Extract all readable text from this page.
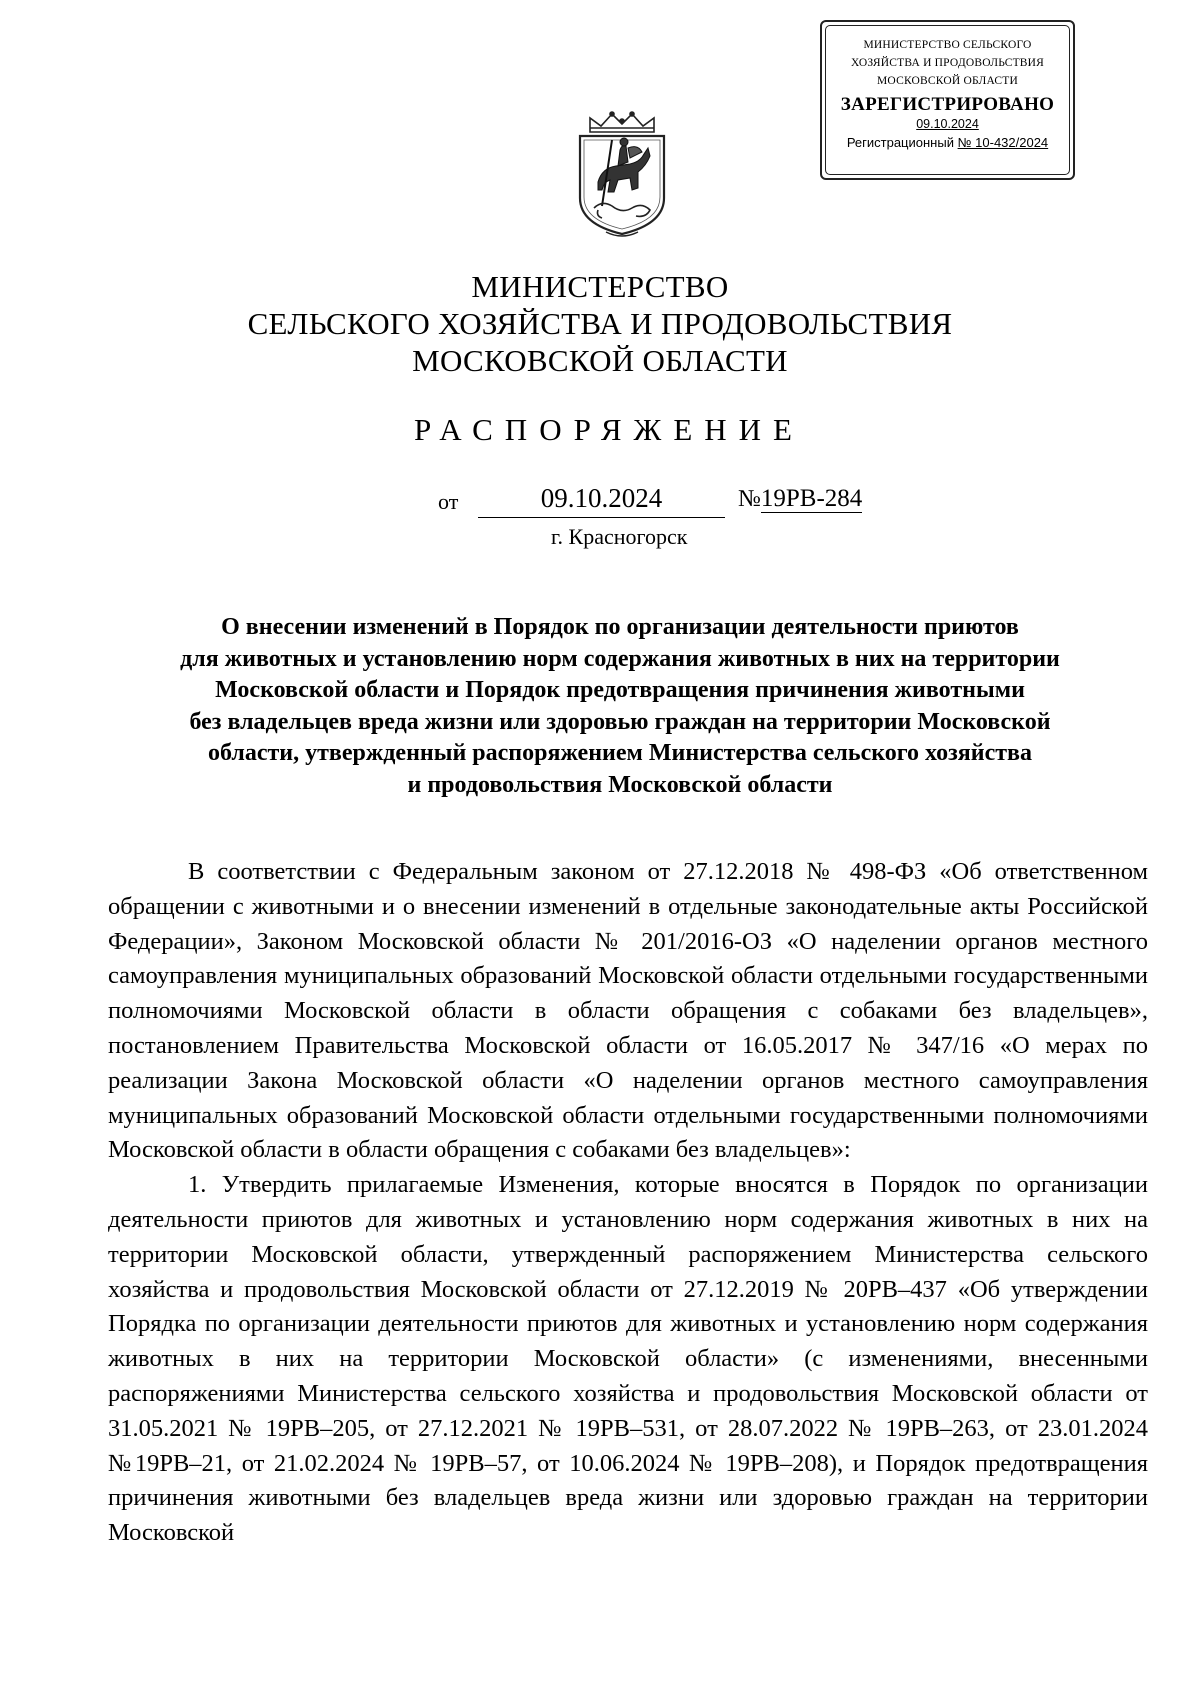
МИНИСТЕРСТВО СЕЛЬСКОГО
ХОЗЯЙСТВА И ПРОДОВОЛЬСТВИЯ
МОСКОВСКОЙ ОБЛАСТИ
ЗАРЕГИСТРИРОВАНО
09.10.2024
Регистрационный № 10-432/2024
МИНИСТЕРСТВО
СЕЛЬСКОГО ХОЗЯЙСТВА И ПРОДОВОЛЬСТВИЯ
МОСКОВСКОЙ ОБЛАСТИ
РАСПОРЯЖЕНИЕ
от	09.10.2024	№19РВ-284
г. Красногорск
О внесении изменений в Порядок по организации деятельности приютов
для животных и установлению норм содержания животных в них на территории
Московской области и Порядок предотвращения причинения животными
без владельцев вреда жизни или здоровью граждан на территории Московской
области, утвержденный распоряжением Министерства сельского хозяйства
и продовольствия Московской области

В соответствии с Федеральным законом от 27.12.2018 № 498-ФЗ «Об ответственном обращении с животными и о внесении изменений в отдельные законодательные акты Российской Федерации», Законом Московской области № 201/2016-ОЗ «О наделении органов местного самоуправления муниципальных образований Московской области отдельными государственными полномочиями Московской области в области обращения с собаками без владельцев», постановлением Правительства Московской области от 16.05.2017 № 347/16 «О мерах по реализации Закона Московской области «О наделении органов местного самоуправления муниципальных образований Московской области отдельными государственными полномочиями Московской области в области обращения с собаками без владельцев»:

1. Утвердить прилагаемые Изменения, которые вносятся в Порядок по организации деятельности приютов для животных и установлению норм содержания животных в них на территории Московской области, утвержденный распоряжением Министерства сельского хозяйства и продовольствия Московской области от 27.12.2019 № 20РВ–437 «Об утверждении Порядка по организации деятельности приютов для животных и установлению норм содержания животных в них на территории Московской области» (с изменениями, внесенными распоряжениями Министерства сельского хозяйства и продовольствия Московской области от 31.05.2021 № 19РВ–205, от 27.12.2021 № 19РВ–531, от 28.07.2022 № 19РВ–263, от 23.01.2024 №19РВ–21, от 21.02.2024 № 19РВ–57, от 10.06.2024 № 19РВ–208), и Порядок предотвращения причинения животными без владельцев вреда жизни или здоровью граждан на территории Московской
